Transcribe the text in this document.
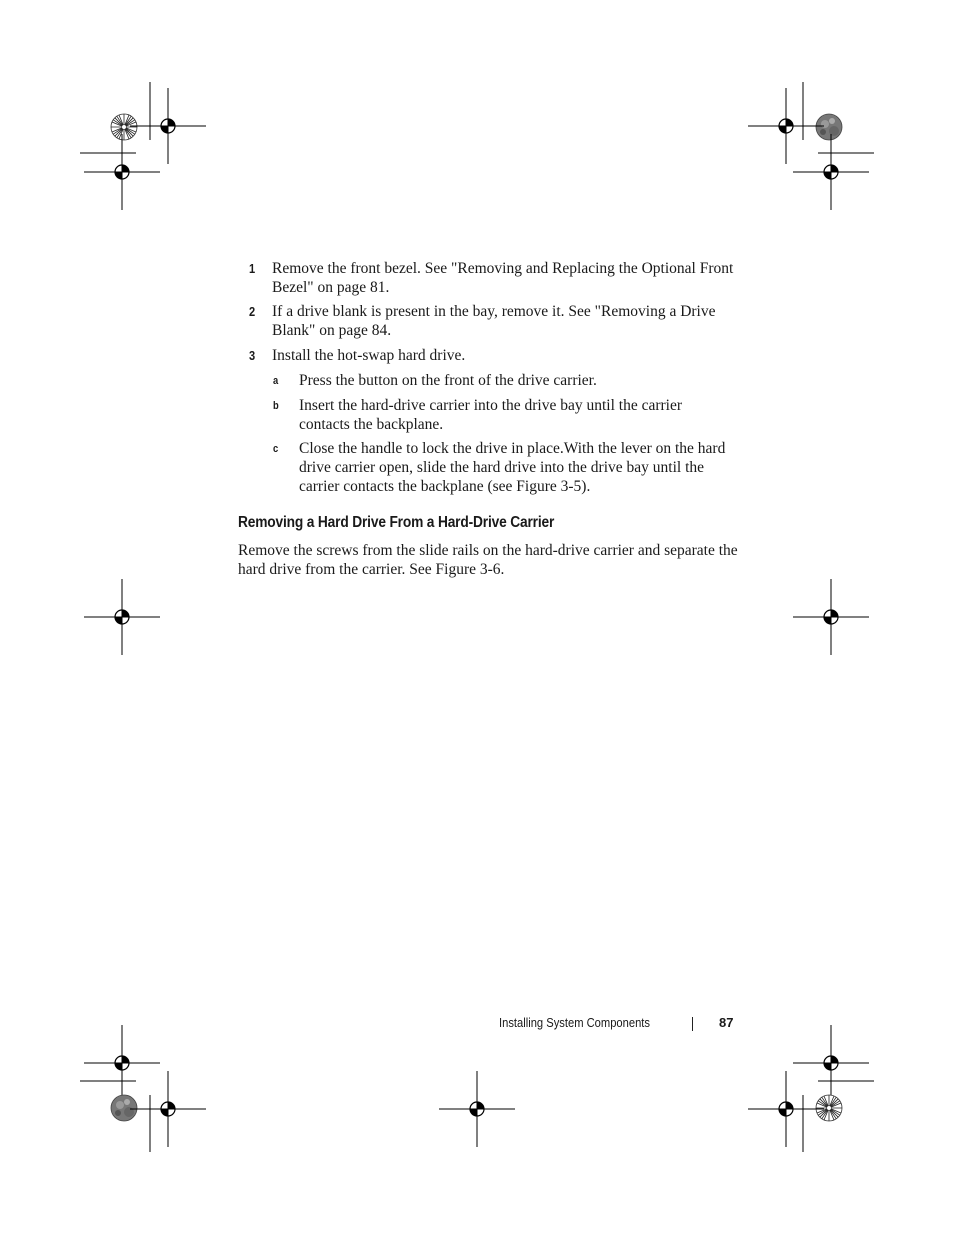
1 Remove the front bezel. See "Removing and Replacing the Optional Front Bezel" on page 81.
2 If a drive blank is present in the bay, remove it. See "Removing a Drive Blank" on page 84.
3 Install the hot-swap hard drive.
a Press the button on the front of the drive carrier.
b Insert the hard-drive carrier into the drive bay until the carrier contacts the backplane.
c Close the handle to lock the drive in place.With the lever on the hard drive carrier open, slide the hard drive into the drive bay until the carrier contacts the backplane (see Figure 3-5).
Removing a Hard Drive From a Hard-Drive Carrier
Remove the screws from the slide rails on the hard-drive carrier and separate the hard drive from the carrier. See Figure 3-6.
Installing System Components	87
